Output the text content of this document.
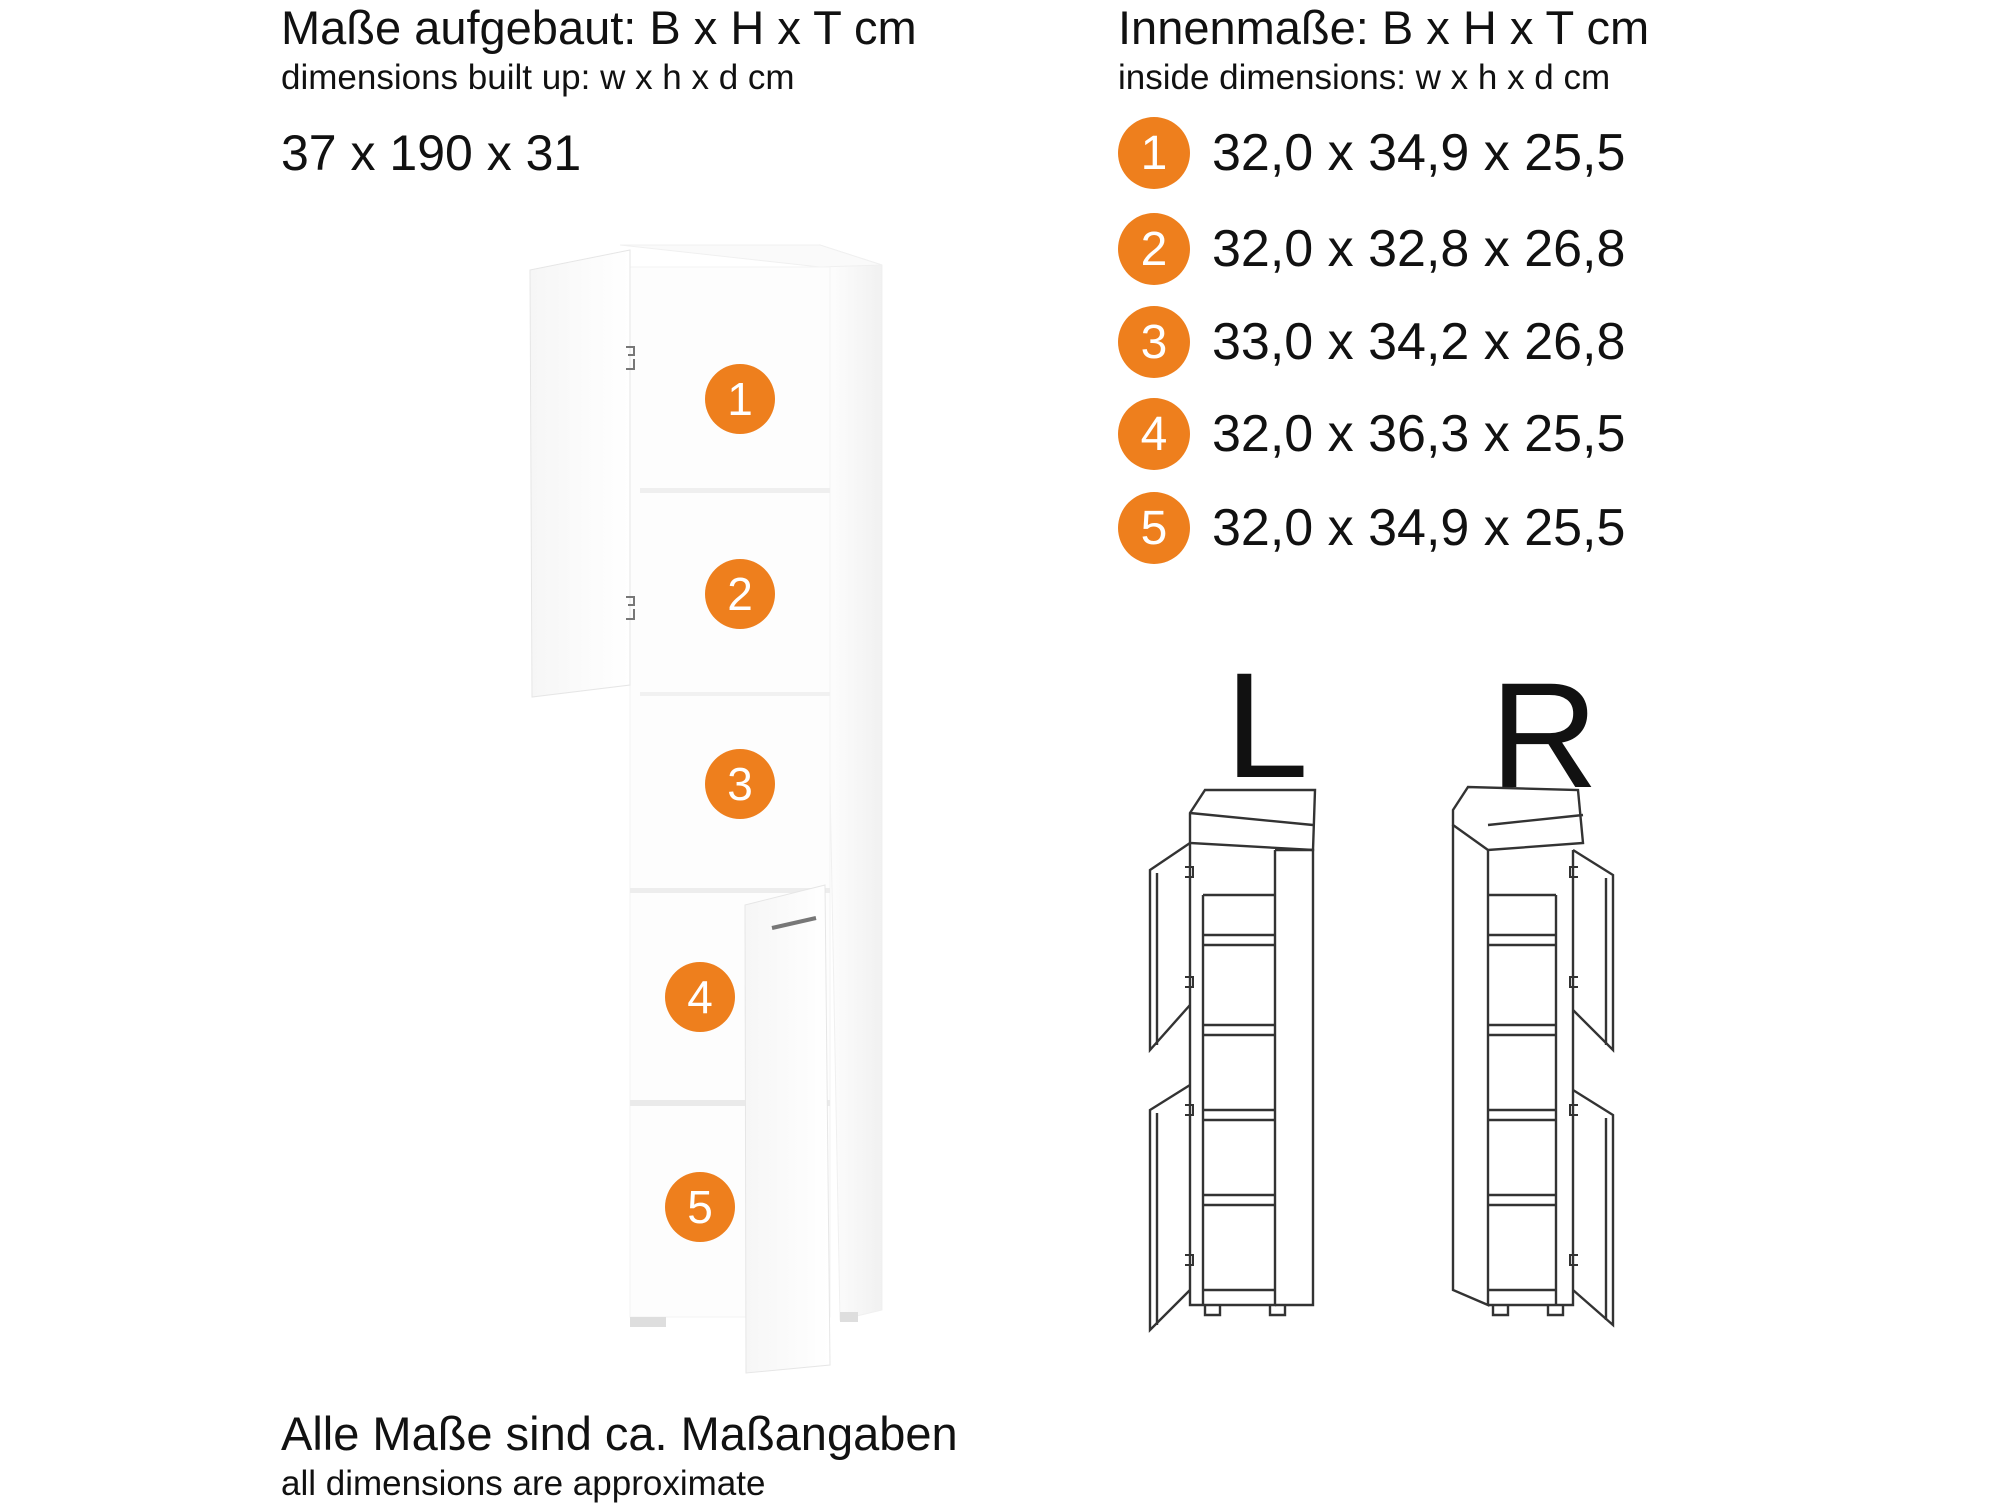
Maße aufgebaut: B x H x T cm
dimensions built up: w x h x d cm
37 x 190 x 31
Innenmaße: B x H x T cm
inside dimensions: w x h x d cm
1 32,0 x 34,9 x 25,5
2 32,0 x 32,8 x 26,8
3 33,0 x 34,2 x 26,8
4 32,0 x 36,3 x 25,5
5 32,0 x 34,9 x 25,5
1
2
3
4
5
L R
Alle Maße sind ca. Maßangaben
all dimensions are approximate
